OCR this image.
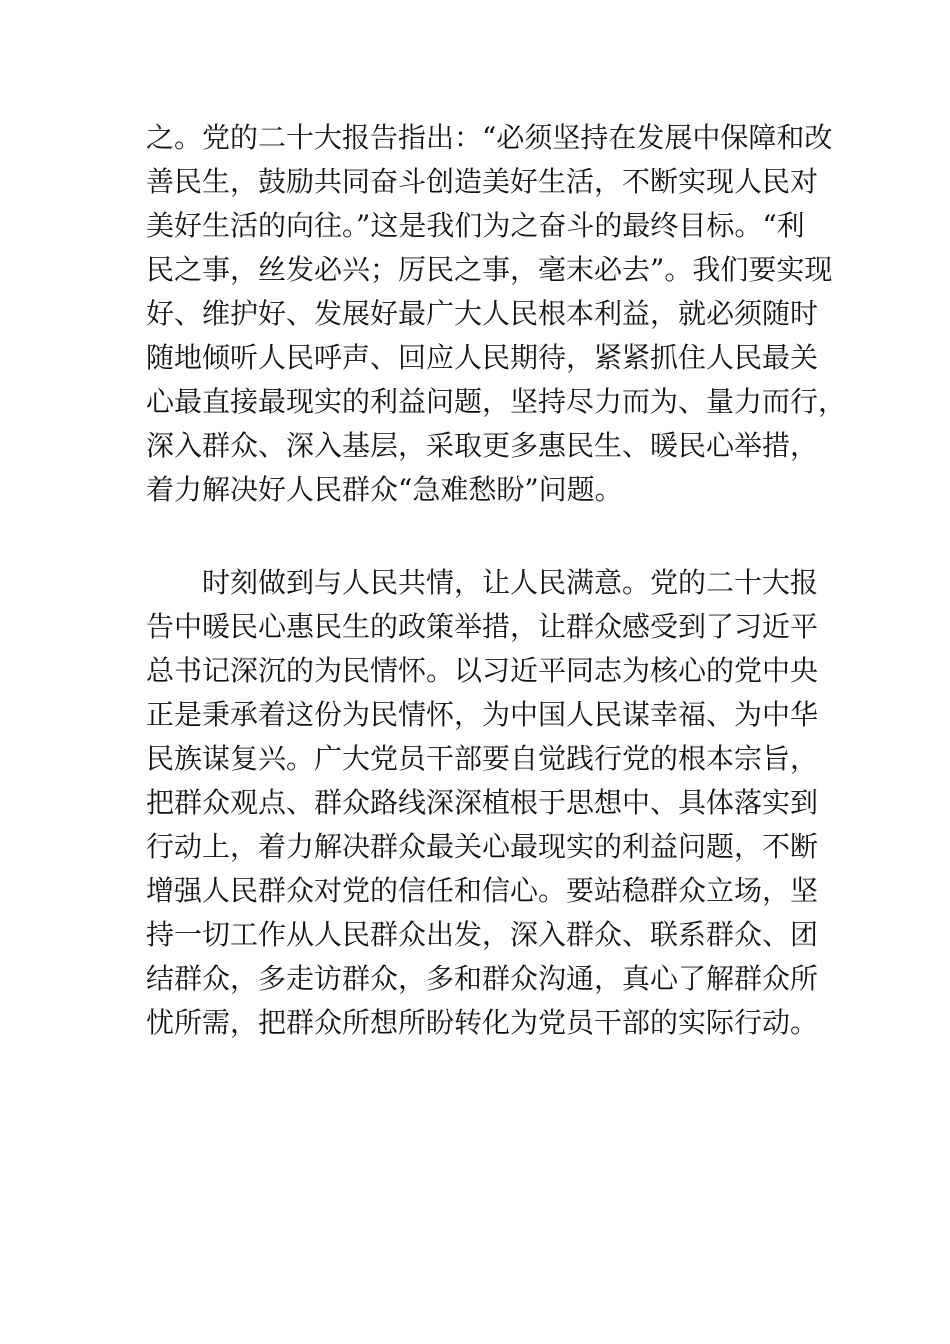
之。党的二十大报告指出：“必须坚持在发展中保障和改
善民生，鼓励共同奋斗创造美好生活，不断实现人民对
美好生活的向往。”这是我们为之奋斗的最终目标。“利
民之事，丝发必兴；厉民之事，毫末必去”。我们要实现
好、维护好、发展好最广大人民根本利益，就必须随时
随地倾听人民呼声、回应人民期待，紧紧抓住人民最关
心最直接最现实的利益问题，坚持尽力而为、量力而行，
深入群众、深入基层，采取更多惠民生、暖民心举措，
着力解决好人民群众“急难愁盼”问题。

　　时刻做到与人民共情，让人民满意。党的二十大报
告中暖民心惠民生的政策举措，让群众感受到了习近平
总书记深沉的为民情怀。以习近平同志为核心的党中央
正是秉承着这份为民情怀，为中国人民谋幸福、为中华
民族谋复兴。广大党员干部要自觉践行党的根本宗旨，
把群众观点、群众路线深深植根于思想中、具体落实到
行动上，着力解决群众最关心最现实的利益问题，不断
增强人民群众对党的信任和信心。要站稳群众立场，坚
持一切工作从人民群众出发，深入群众、联系群众、团
结群众，多走访群众，多和群众沟通，真心了解群众所
忧所需，把群众所想所盼转化为党员干部的实际行动。
